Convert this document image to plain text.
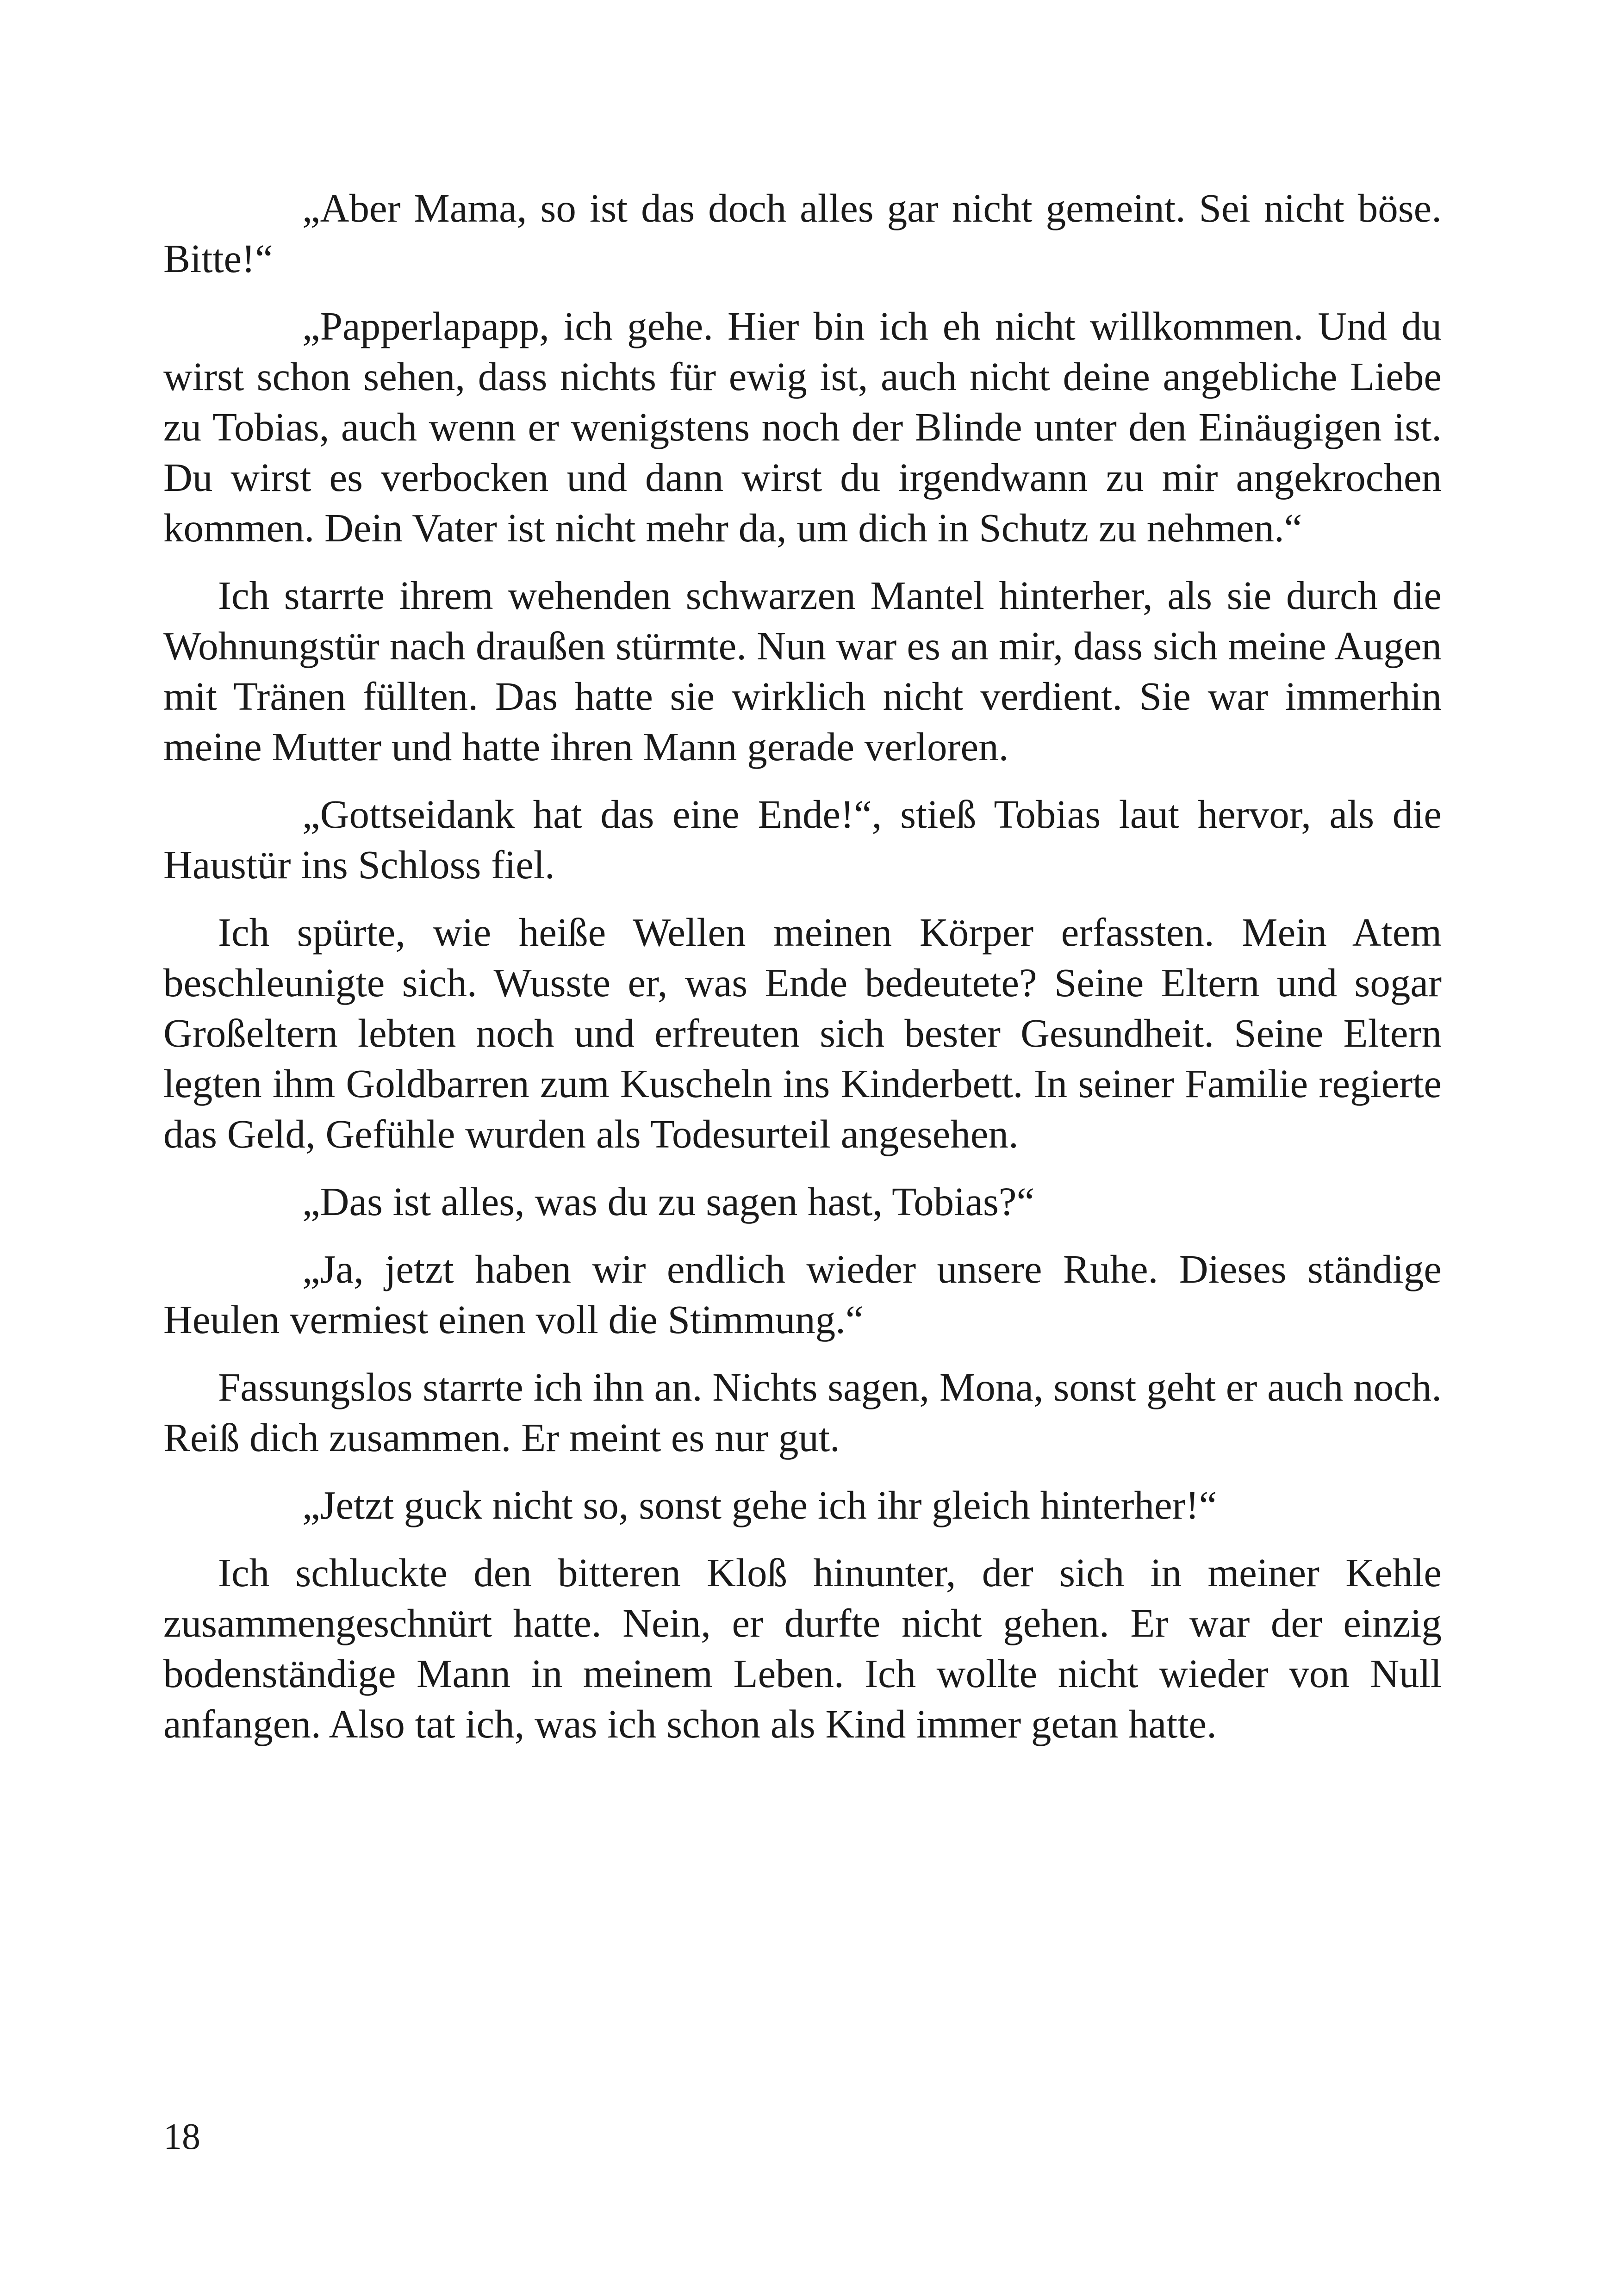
„Aber Mama, so ist das doch alles gar nicht gemeint. Sei nicht böse. Bitte!“

„Papperlapapp, ich gehe. Hier bin ich eh nicht willkommen. Und du wirst schon sehen, dass nichts für ewig ist, auch nicht deine angebliche Liebe zu Tobias, auch wenn er wenigstens noch der Blinde unter den Einäugigen ist. Du wirst es verbocken und dann wirst du irgendwann zu mir angekrochen kommen. Dein Vater ist nicht mehr da, um dich in Schutz zu nehmen.“

Ich starrte ihrem wehenden schwarzen Mantel hinterher, als sie durch die Wohnungstür nach draußen stürmte. Nun war es an mir, dass sich meine Augen mit Tränen füllten. Das hatte sie wirklich nicht verdient. Sie war immerhin meine Mutter und hatte ihren Mann gerade verloren.

„Gottseidank hat das eine Ende!“, stieß Tobias laut hervor, als die Haustür ins Schloss fiel.

Ich spürte, wie heiße Wellen meinen Körper erfassten. Mein Atem beschleunigte sich. Wusste er, was Ende bedeutete? Seine Eltern und sogar Großeltern lebten noch und erfreuten sich bester Gesundheit. Seine Eltern legten ihm Goldbarren zum Kuscheln ins Kinderbett. In seiner Familie regierte das Geld, Gefühle wurden als Todesurteil angesehen.

„Das ist alles, was du zu sagen hast, Tobias?“

„Ja, jetzt haben wir endlich wieder unsere Ruhe. Dieses ständige Heulen vermiest einen voll die Stimmung.“

Fassungslos starrte ich ihn an. Nichts sagen, Mona, sonst geht er auch noch. Reiß dich zusammen. Er meint es nur gut.

„Jetzt guck nicht so, sonst gehe ich ihr gleich hinterher!“

Ich schluckte den bitteren Kloß hinunter, der sich in meiner Kehle zusammengeschnürt hatte. Nein, er durfte nicht gehen. Er war der einzig bodenständige Mann in meinem Leben. Ich wollte nicht wieder von Null anfangen. Also tat ich, was ich schon als Kind immer getan hatte.

18
